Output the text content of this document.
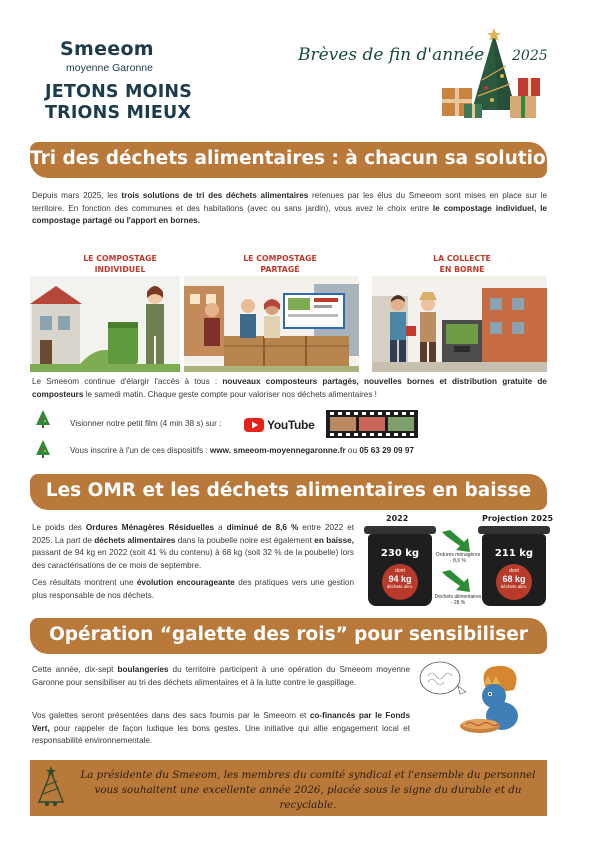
Smeeom
moyenne Garonne
JETONS MOINS
TRIONS MIEUX
Brèves de fin d'année 2025
Tri des déchets alimentaires : à chacun sa solution
Depuis mars 2025, les trois solutions de tri des déchets alimentaires retenues par les élus du Smeeom sont mises en place sur le territoire. En fonction des communes et des habitations (avec ou sans jardin), vous avez le choix entre le compostage individuel, le compostage partagé ou l'apport en bornes.
LE COMPOSTAGE
INDIVIDUEL
LE COMPOSTAGE
PARTAGÉ
LA COLLECTE
EN BORNE
Le Smeeom continue d'élargir l'accès à tous : nouveaux composteurs partagés, nouvelles bornes et distribution gratuite de composteurs le samedi matin. Chaque geste compte pour valoriser nos déchets alimentaires !
Visionner notre petit film (4 min 38 s) sur :	YouTube
Vous inscrire à l'un de ces dispositifs : www. smeeom-moyennegaronne.fr ou 05 63 29 09 97
Les OMR et les déchets alimentaires en baisse
Le poids des Ordures Ménagères Résiduelles a diminué de 8,6 % entre 2022 et 2025. La part de déchets alimentaires dans la poubelle noire est également en baisse, passant de 94 kg en 2022 (soit 41 % du contenu) à 68 kg (soit 32 % de la poubelle) lors des caractérisations de ce mois de septembre.
Ces résultats montrent une évolution encourageante des pratiques vers une gestion plus responsable de nos déchets.
2022
230 kg
dont
94 kg
déchets alim.
Projection 2025
211 kg
dont
68 kg
déchets alim.
Ordures ménagères
- 8,6 %
Déchets alimentaires
- 28 %
Opération “galette des rois” pour sensibiliser
Cette année, dix-sept boulangeries du territoire participent à une opération du Smeeom moyenne Garonne pour sensibiliser au tri des déchets alimentaires et à la lutte contre le gaspillage.
Vos galettes seront présentées dans des sacs fournis par le Smeeom et co-financés par le Fonds Vert, pour rappeler de façon ludique les bons gestes. Une initiative qui allie engagement local et responsabilité environnementale.
La présidente du Smeeom, les membres du comité syndical et l'ensemble du personnel vous souhaitent une excellente année 2026, placée sous le signe du durable et du recyclable.
